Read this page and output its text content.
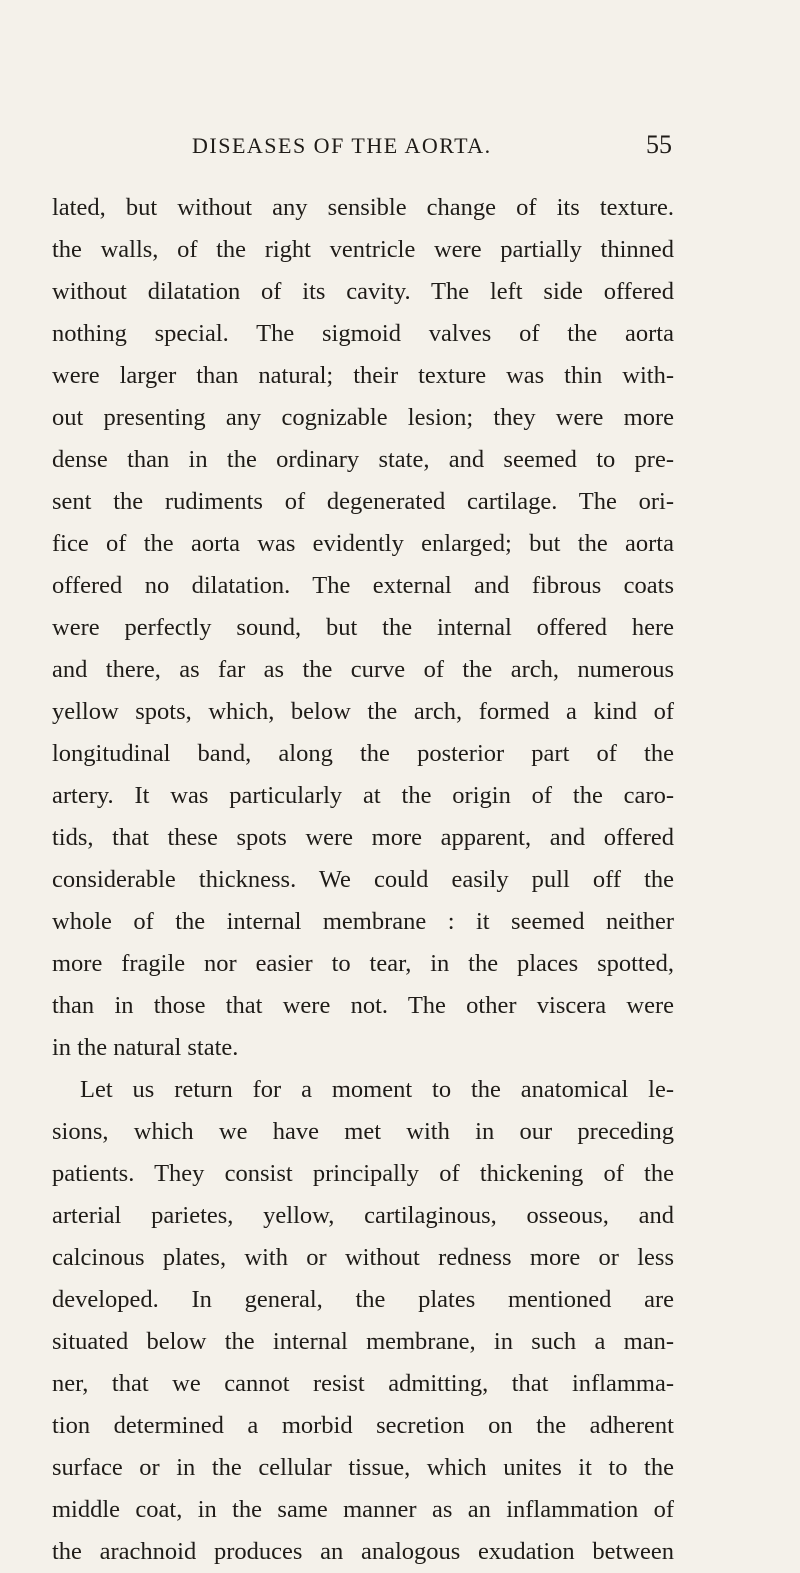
DISEASES OF THE AORTA.	55
lated, but without any sensible change of its texture.
the walls, of the right ventricle were partially thinned
without dilatation of its cavity. The left side offered
nothing special. The sigmoid valves of the aorta
were larger than natural; their texture was thin with-
out presenting any cognizable lesion; they were more
dense than in the ordinary state, and seemed to pre-
sent the rudiments of degenerated cartilage. The ori-
fice of the aorta was evidently enlarged; but the aorta
offered no dilatation. The external and fibrous coats
were perfectly sound, but the internal offered here
and there, as far as the curve of the arch, numerous
yellow spots, which, below the arch, formed a kind of
longitudinal band, along the posterior part of the
artery. It was particularly at the origin of the caro-
tids, that these spots were more apparent, and offered
considerable thickness. We could easily pull off the
whole of the internal membrane : it seemed neither
more fragile nor easier to tear, in the places spotted,
than in those that were not. The other viscera were
in the natural state.
Let us return for a moment to the anatomical le-
sions, which we have met with in our preceding
patients. They consist principally of thickening of the
arterial parietes, yellow, cartilaginous, osseous, and
calcinous plates, with or without redness more or less
developed. In general, the plates mentioned are
situated below the internal membrane, in such a man-
ner, that we cannot resist admitting, that inflamma-
tion determined a morbid secretion on the adherent
surface or in the cellular tissue, which unites it to the
middle coat, in the same manner as an inflammation of
the arachnoid produces an analogous exudation between
